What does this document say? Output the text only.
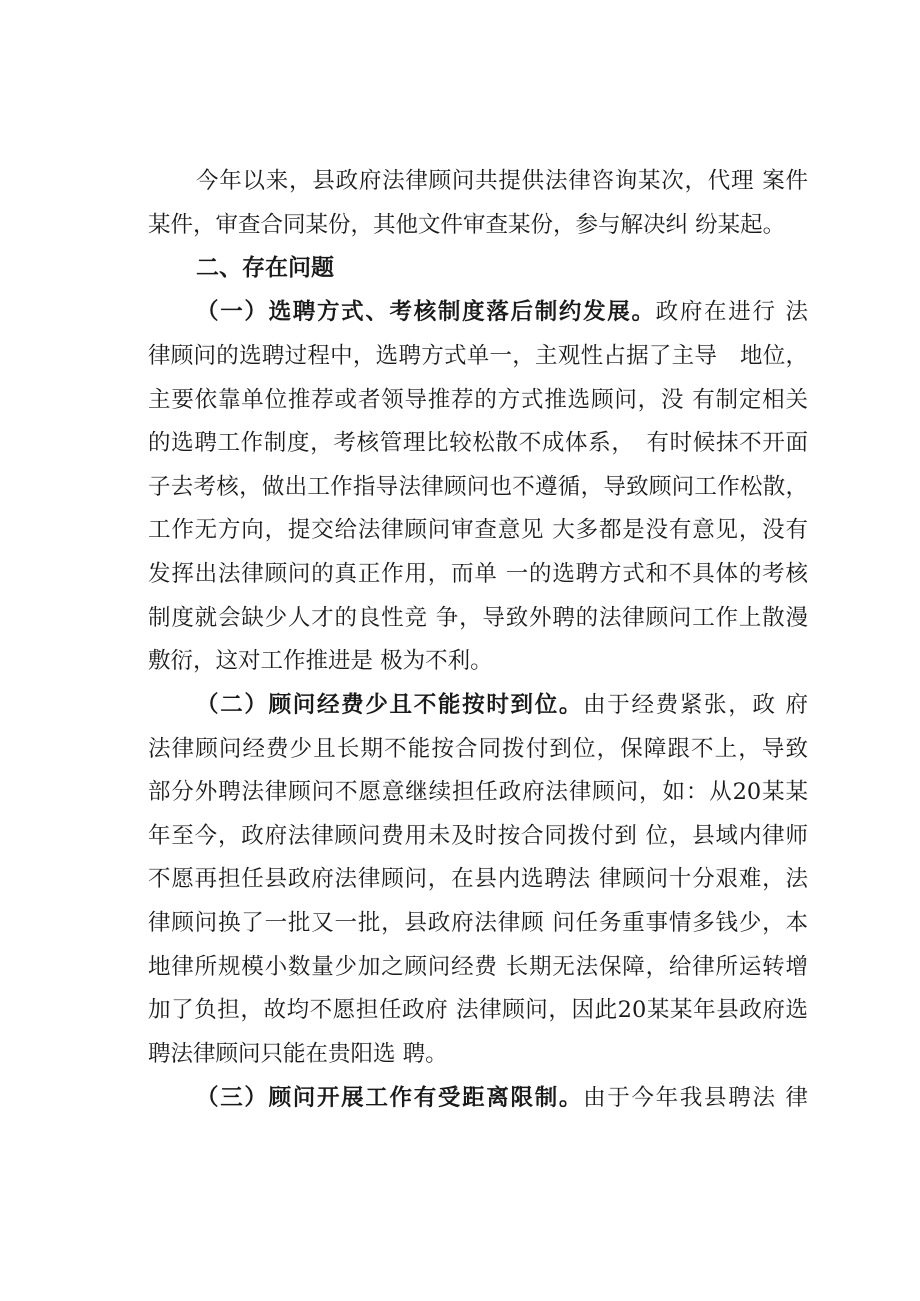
今年以来，县政府法律顾问共提供法律咨询某次，代理 案件
某件，审查合同某份，其他文件审查某份，参与解决纠 纷某起。
二、存在问题
（一）选聘方式、考核制度落后制约发展。政府在进行 法
律顾问的选聘过程中，选聘方式单一，主观性占据了主导　地位，
主要依靠单位推荐或者领导推荐的方式推选顾问，没 有制定相关
的选聘工作制度，考核管理比较松散不成体系，　有时候抹不开面
子去考核，做出工作指导法律顾问也不遵循，导致顾问工作松散，
工作无方向，提交给法律顾问审查意见 大多都是没有意见，没有
发挥出法律顾问的真正作用，而单 一的选聘方式和不具体的考核
制度就会缺少人才的良性竞 争，导致外聘的法律顾问工作上散漫
敷衍，这对工作推进是 极为不利。
（二）顾问经费少且不能按时到位。由于经费紧张，政 府
法律顾问经费少且长期不能按合同拨付到位，保障跟不上，导致
部分外聘法律顾问不愿意继续担任政府法律顾问，如：从20某某
年至今，政府法律顾问费用未及时按合同拨付到 位，县域内律师
不愿再担任县政府法律顾问，在县内选聘法 律顾问十分艰难，法
律顾问换了一批又一批，县政府法律顾 问任务重事情多钱少，本
地律所规模小数量少加之顾问经费 长期无法保障，给律所运转增
加了负担，故均不愿担任政府 法律顾问，因此20某某年县政府选
聘法律顾问只能在贵阳选 聘。
（三）顾问开展工作有受距离限制。由于今年我县聘法 律
